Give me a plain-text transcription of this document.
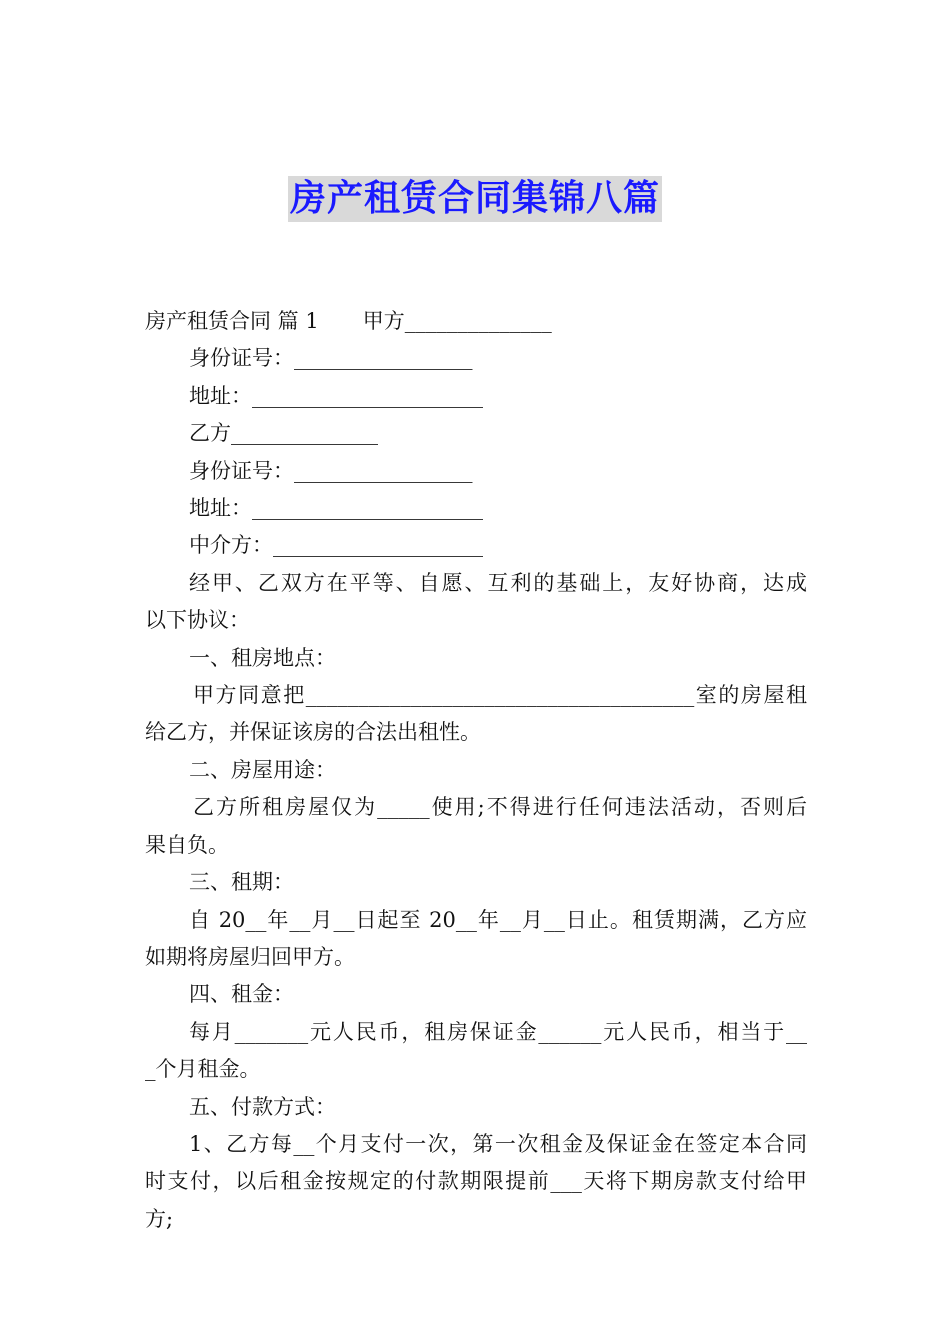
房产租赁合同集锦八篇
房产租赁合同 篇 1 甲方______________
身份证号：_________________
地址：______________________
乙方______________
身份证号：_________________
地址：______________________
中介方：____________________
经甲、乙双方在平等、自愿、互利的基础上，友好协商，达成
以下协议：
一、租房地点：
甲方同意把_____________________________________室的房屋租
给乙方，并保证该房的合法出租性。
二、房屋用途：
乙方所租房屋仅为_____使用;不得进行任何违法活动，否则后
果自负。
三、租期：
自 20__年__月__日起至 20__年__月__日止。租赁期满，乙方应
如期将房屋归回甲方。
四、租金：
每月_______元人民币，租房保证金______元人民币，相当于__
_个月租金。
五、付款方式：
1、乙方每__个月支付一次，第一次租金及保证金在签定本合同
时支付，以后租金按规定的付款期限提前___天将下期房款支付给甲
方;
